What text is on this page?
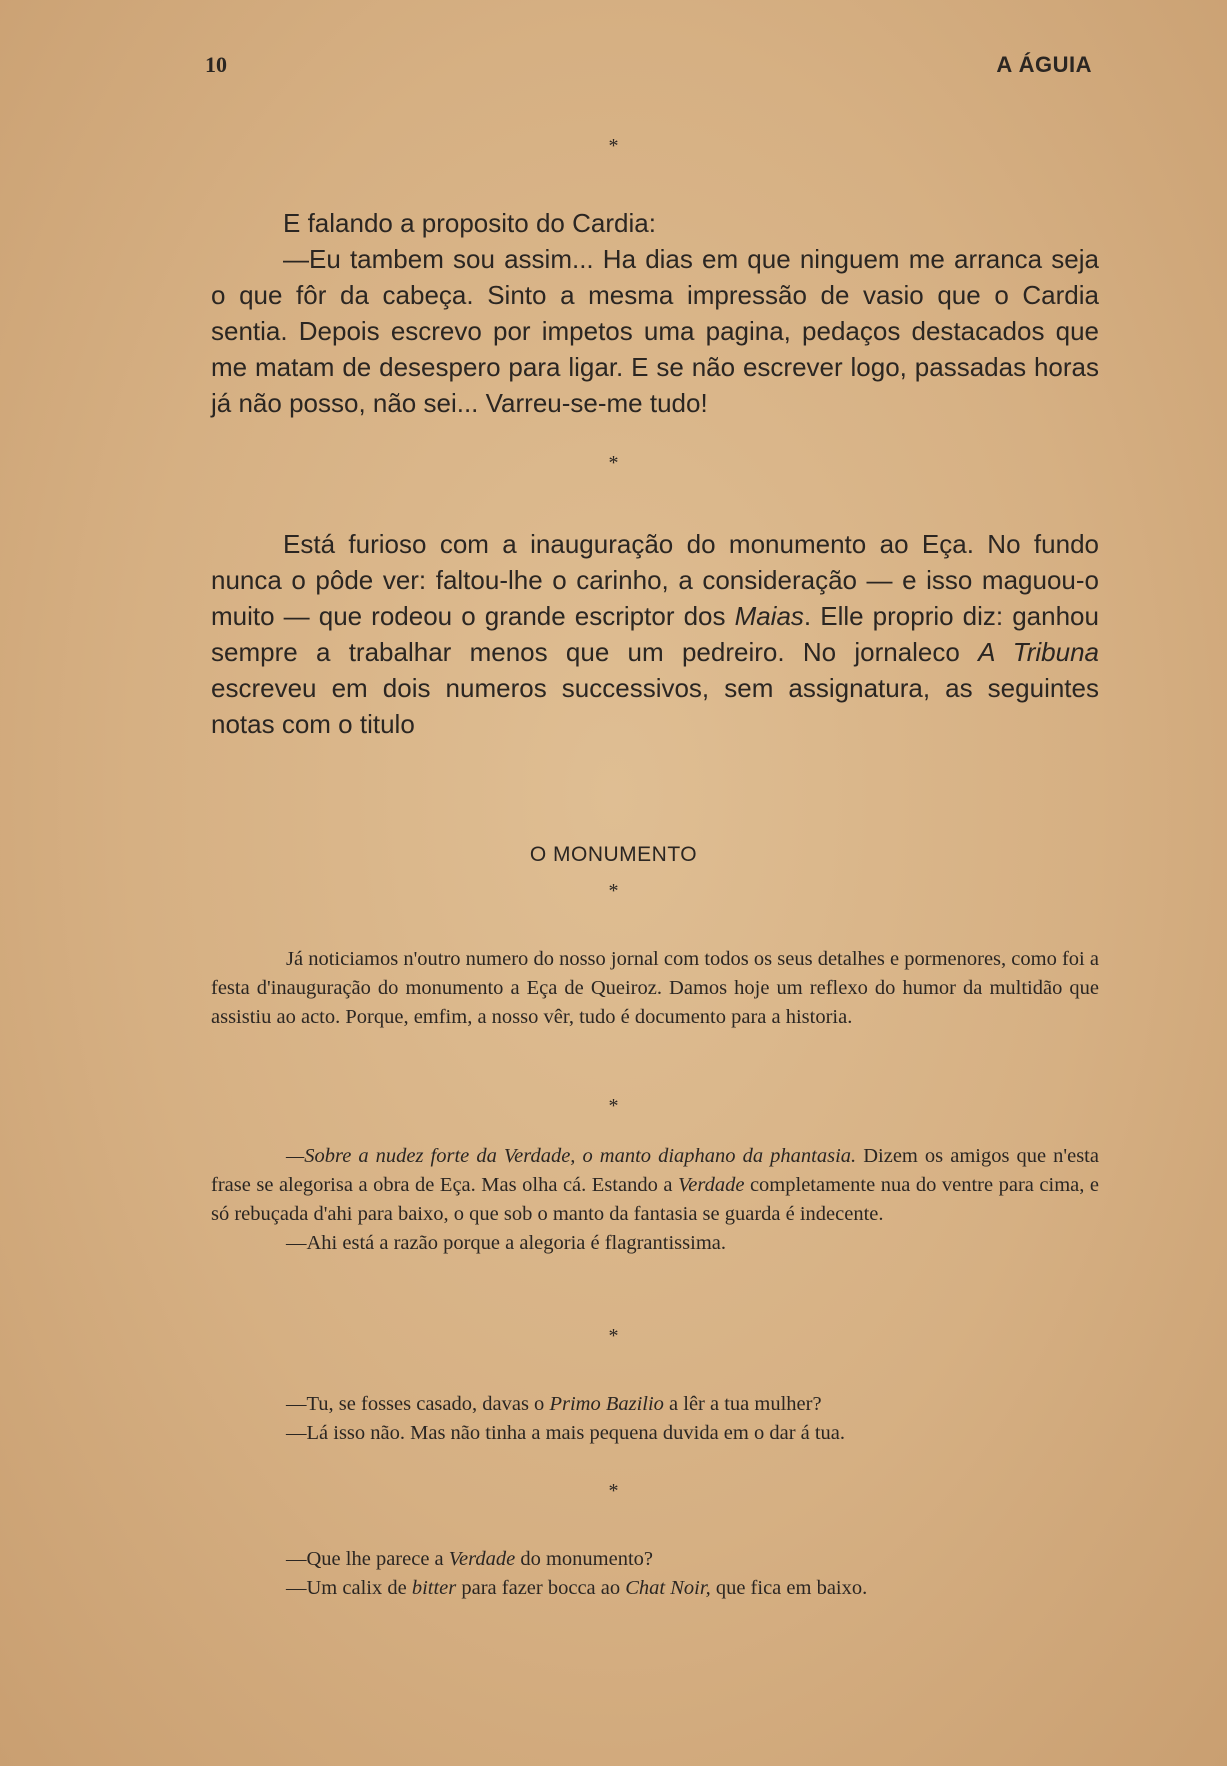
10	A ÁGUIA
*

E falando a proposito do Cardia:

—Eu tambem sou assim... Ha dias em que ninguem me arranca seja o que fôr da cabeça. Sinto a mesma impressão de vasio que o Cardia sentia. Depois escrevo por impetos uma pagina, pedaços destacados que me matam de desespero para ligar. E se não escrever logo, passadas horas já não posso, não sei... Varreu-se-me tudo!

*

Está furioso com a inauguração do monumento ao Eça. No fundo nunca o pôde ver: faltou-lhe o carinho, a consideração — e isso maguou-o muito — que rodeou o grande escriptor dos Maias. Elle proprio diz: ganhou sempre a trabalhar menos que um pedreiro. No jornaleco A Tribuna escreveu em dois numeros successivos, sem assignatura, as seguintes notas com o titulo

O MONUMENTO
*

Já noticiamos n'outro numero do nosso jornal com todos os seus detalhes e pormenores, como foi a festa d'inauguração do monumento a Eça de Queiroz. Damos hoje um reflexo do humor da multidão que assistiu ao acto. Porque, emfim, a nosso vêr, tudo é documento para a historia.

*

—Sobre a nudez forte da Verdade, o manto diaphano da phantasia. Dizem os amigos que n'esta frase se alegorisa a obra de Eça. Mas olha cá. Estando a Verdade completamente nua do ventre para cima, e só rebuçada d'ahi para baixo, o que sob o manto da fantasia se guarda é indecente.

—Ahi está a razão porque a alegoria é flagrantissima.

*

—Tu, se fosses casado, davas o Primo Bazilio a lêr a tua mulher?

—Lá isso não. Mas não tinha a mais pequena duvida em o dar á tua.

*

—Que lhe parece a Verdade do monumento?

—Um calix de bitter para fazer bocca ao Chat Noir, que fica em baixo.
